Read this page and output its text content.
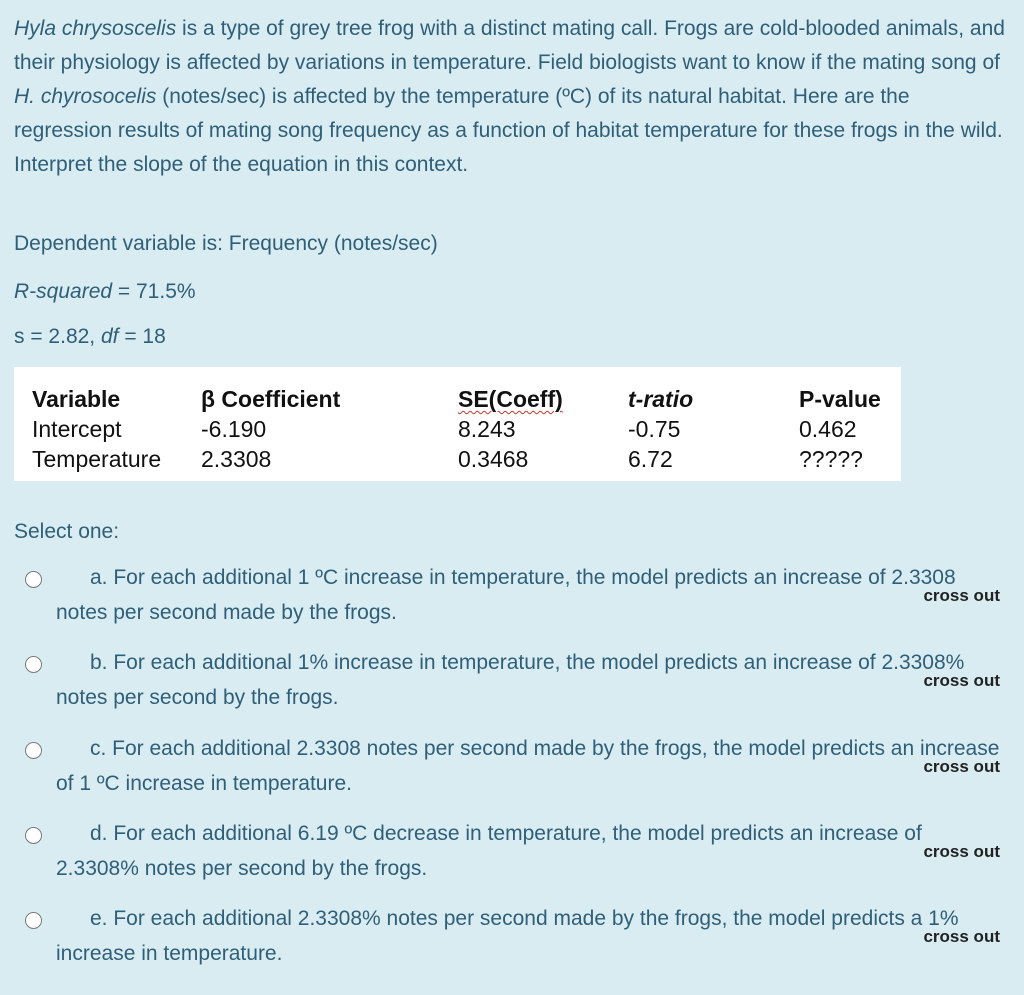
Hyla chrysoscelis is a type of grey tree frog with a distinct mating call. Frogs are cold-blooded animals, and their physiology is affected by variations in temperature. Field biologists want to know if the mating song of H. chyrosocelis (notes/sec) is affected by the temperature (ºC) of its natural habitat. Here are the regression results of mating song frequency as a function of habitat temperature for these frogs in the wild. Interpret the slope of the equation in this context.
Dependent variable is: Frequency (notes/sec)
R-squared = 71.5%
s = 2.82, df = 18
Variable
Intercept
Temperature
β Coefficient
-6.190
2.3308
SE(Coeff)
8.243
0.3468
t-ratio
-0.75
6.72
P-value
0.462
?????
Select one:
a. For each additional 1 ºC increase in temperature, the model predicts an increase of 2.3308 notes per second made by the frogs.
cross out
b. For each additional 1% increase in temperature, the model predicts an increase of 2.3308% notes per second by the frogs.
cross out
c. For each additional 2.3308 notes per second made by the frogs, the model predicts an increase of 1 ºC increase in temperature.
cross out
d. For each additional 6.19 ºC decrease in temperature, the model predicts an increase of 2.3308% notes per second by the frogs.
cross out
e. For each additional 2.3308% notes per second made by the frogs, the model predicts a 1% increase in temperature.
cross out
